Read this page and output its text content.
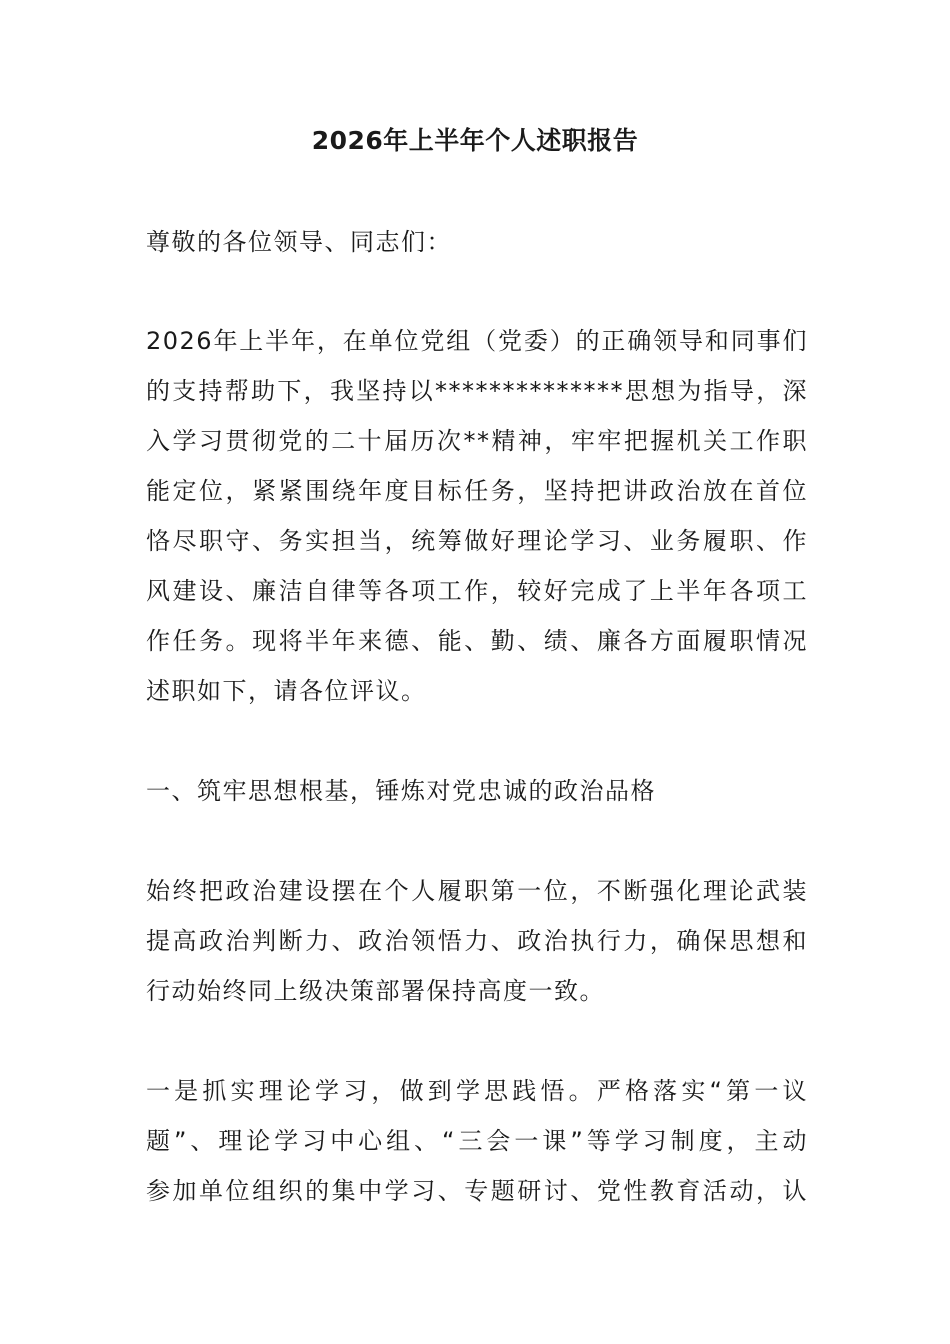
2026年上半年个人述职报告
尊敬的各位领导、同志们：
2026年上半年，在单位党组（党委）的正确领导和同事们
的支持帮助下，我坚持以**************思想为指导，深
入学习贯彻党的二十届历次**精神，牢牢把握机关工作职
能定位，紧紧围绕年度目标任务，坚持把讲政治放在首位
恪尽职守、务实担当，统筹做好理论学习、业务履职、作
风建设、廉洁自律等各项工作，较好完成了上半年各项工
作任务。现将半年来德、能、勤、绩、廉各方面履职情况
述职如下，请各位评议。
一、筑牢思想根基，锤炼对党忠诚的政治品格
始终把政治建设摆在个人履职第一位，不断强化理论武装
提高政治判断力、政治领悟力、政治执行力，确保思想和
行动始终同上级决策部署保持高度一致。
一是抓实理论学习，做到学思践悟。严格落实“第一议
题”、理论学习中心组、“三会一课”等学习制度，主动
参加单位组织的集中学习、专题研讨、党性教育活动，认
